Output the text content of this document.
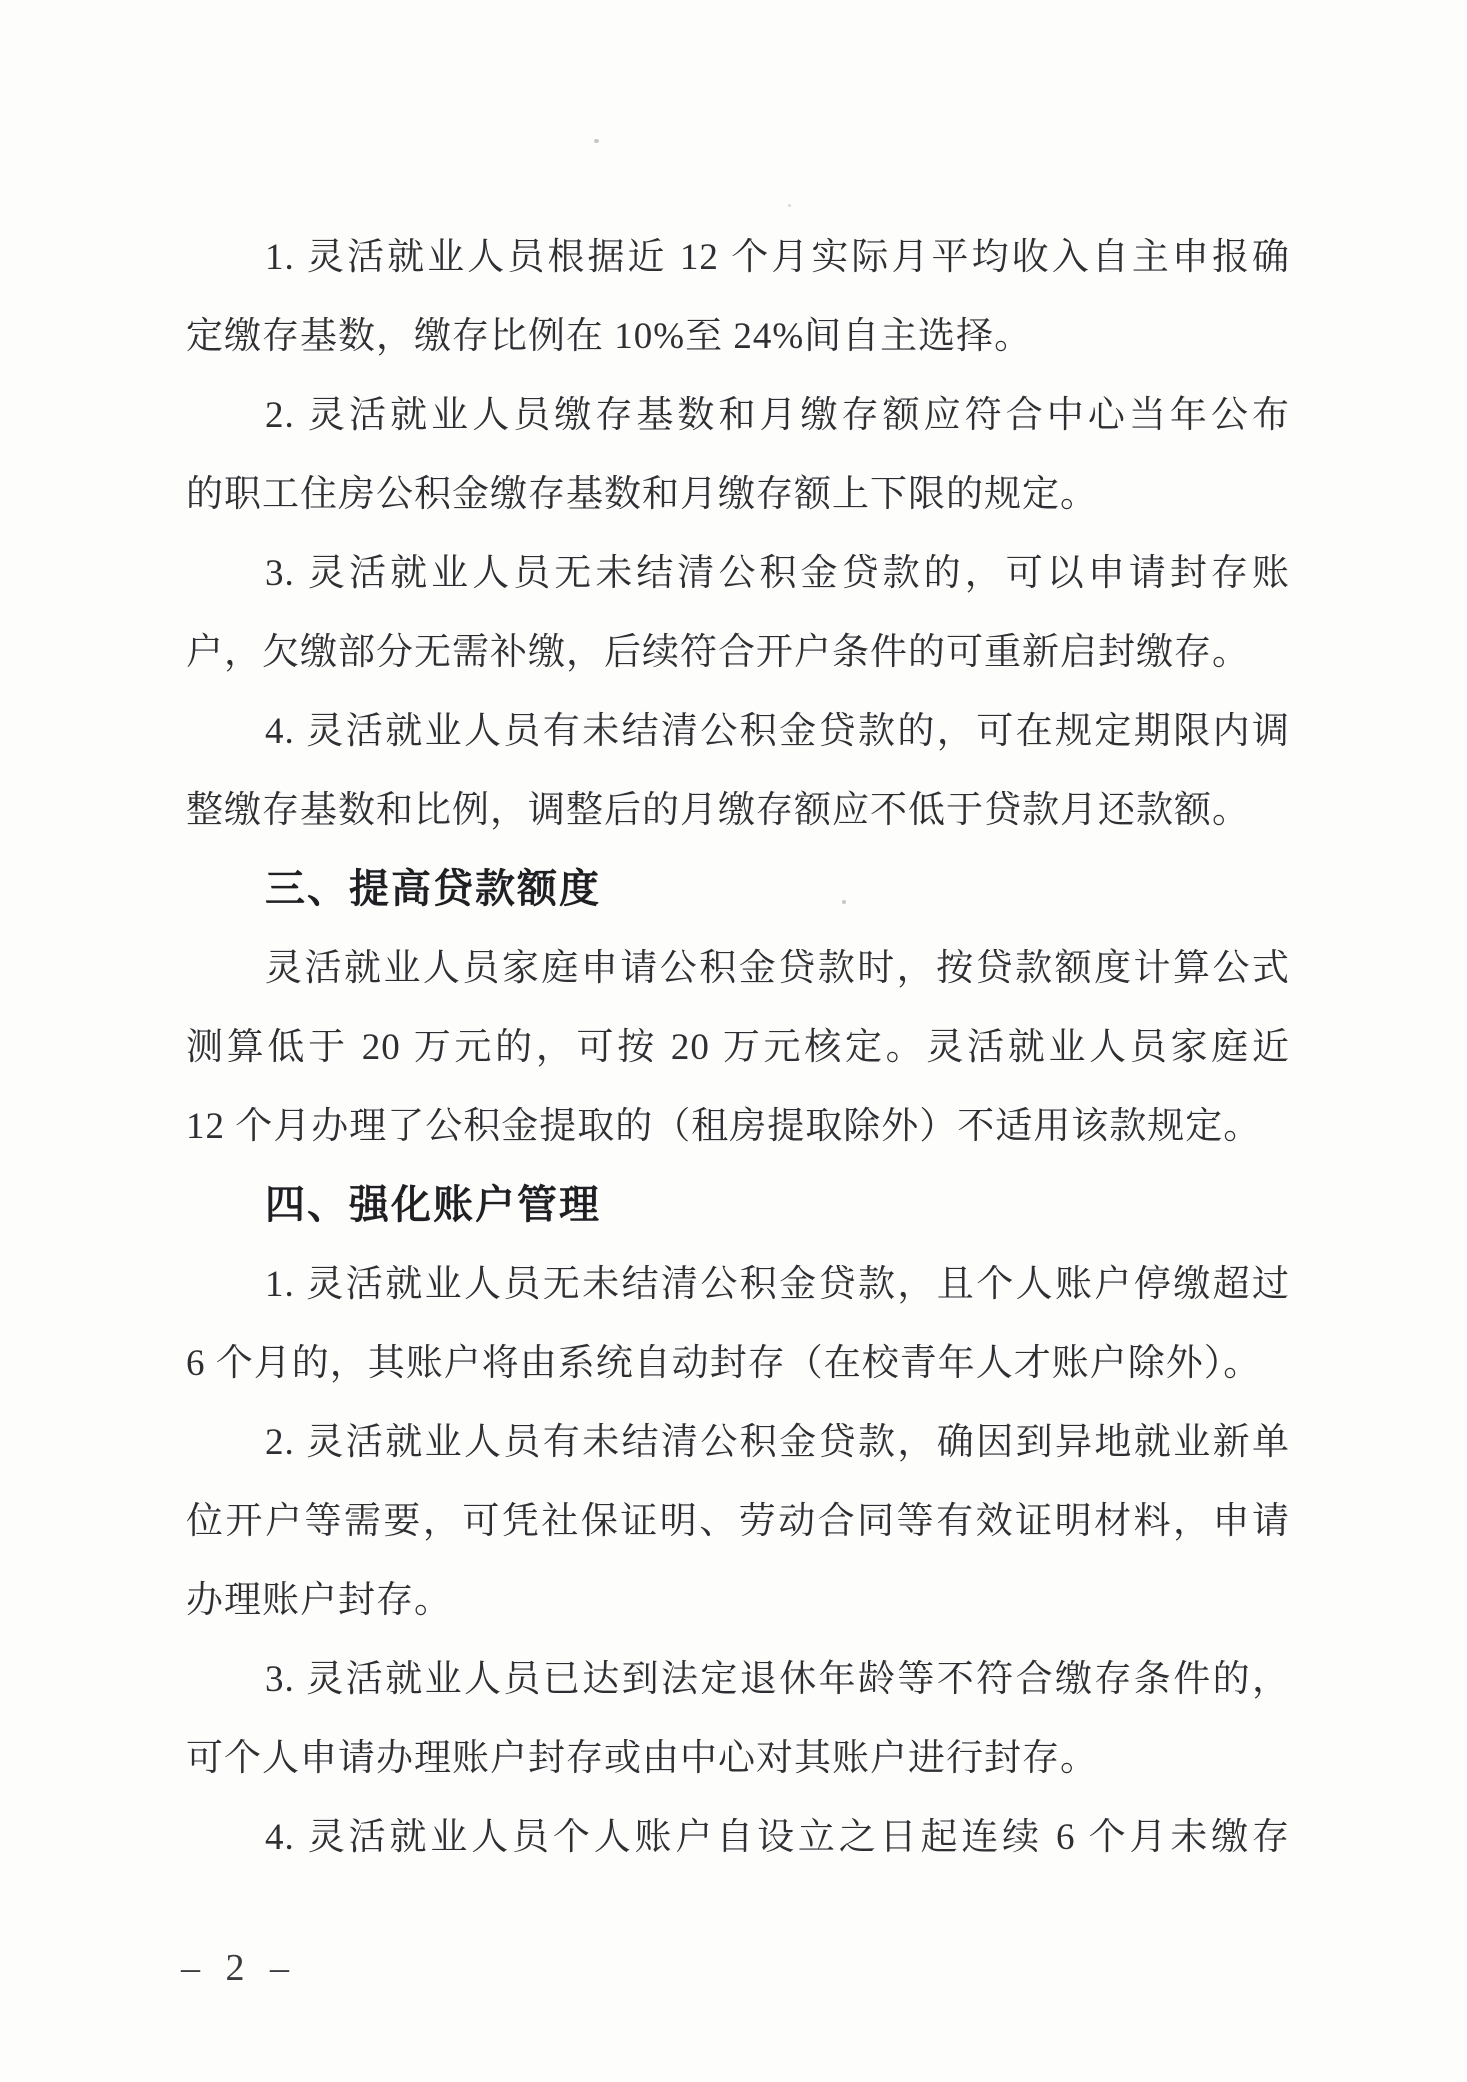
1. 灵活就业人员根据近 12 个月实际月平均收入自主申报确
定缴存基数，缴存比例在 10%至 24%间自主选择。
2. 灵活就业人员缴存基数和月缴存额应符合中心当年公布
的职工住房公积金缴存基数和月缴存额上下限的规定。
3. 灵活就业人员无未结清公积金贷款的，可以申请封存账
户，欠缴部分无需补缴，后续符合开户条件的可重新启封缴存。
4. 灵活就业人员有未结清公积金贷款的，可在规定期限内调
整缴存基数和比例，调整后的月缴存额应不低于贷款月还款额。
三、提高贷款额度
灵活就业人员家庭申请公积金贷款时，按贷款额度计算公式
测算低于 20 万元的，可按 20 万元核定。灵活就业人员家庭近
12 个月办理了公积金提取的（租房提取除外）不适用该款规定。
四、强化账户管理
1. 灵活就业人员无未结清公积金贷款，且个人账户停缴超过
6 个月的，其账户将由系统自动封存（在校青年人才账户除外）。
2. 灵活就业人员有未结清公积金贷款，确因到异地就业新单
位开户等需要，可凭社保证明、劳动合同等有效证明材料，申请
办理账户封存。
3. 灵活就业人员已达到法定退休年龄等不符合缴存条件的，
可个人申请办理账户封存或由中心对其账户进行封存。
4. 灵活就业人员个人账户自设立之日起连续 6 个月未缴存
– 2 –
